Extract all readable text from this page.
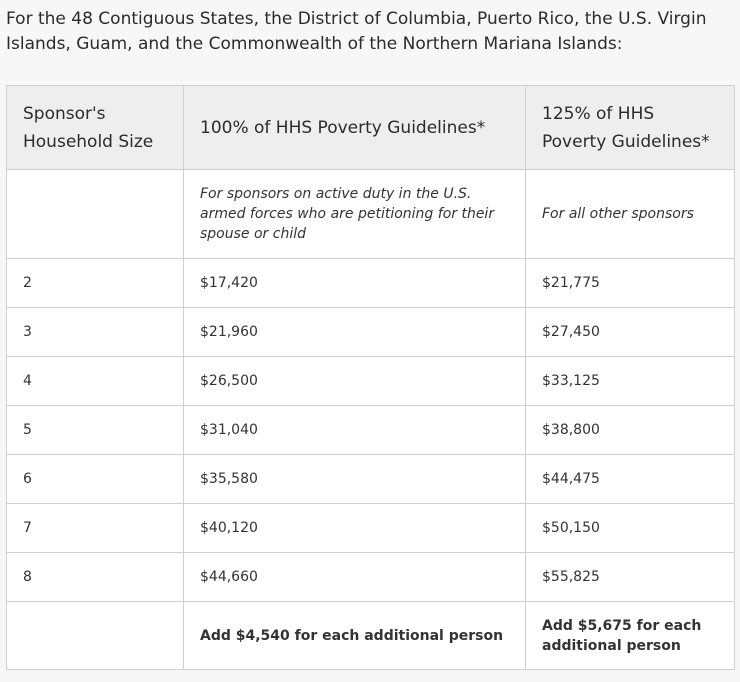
For the 48 Contiguous States, the District of Columbia, Puerto Rico, the U.S. Virgin Islands, Guam, and the Commonwealth of the Northern Mariana Islands:

Sponsor's Household Size	100% of HHS Poverty Guidelines*	125% of HHS Poverty Guidelines*
	For sponsors on active duty in the U.S. armed forces who are petitioning for their spouse or child	For all other sponsors
2	$17,420	$21,775
3	$21,960	$27,450
4	$26,500	$33,125
5	$31,040	$38,800
6	$35,580	$44,475
7	$40,120	$50,150
8	$44,660	$55,825
	Add $4,540 for each additional person	Add $5,675 for each additional person
